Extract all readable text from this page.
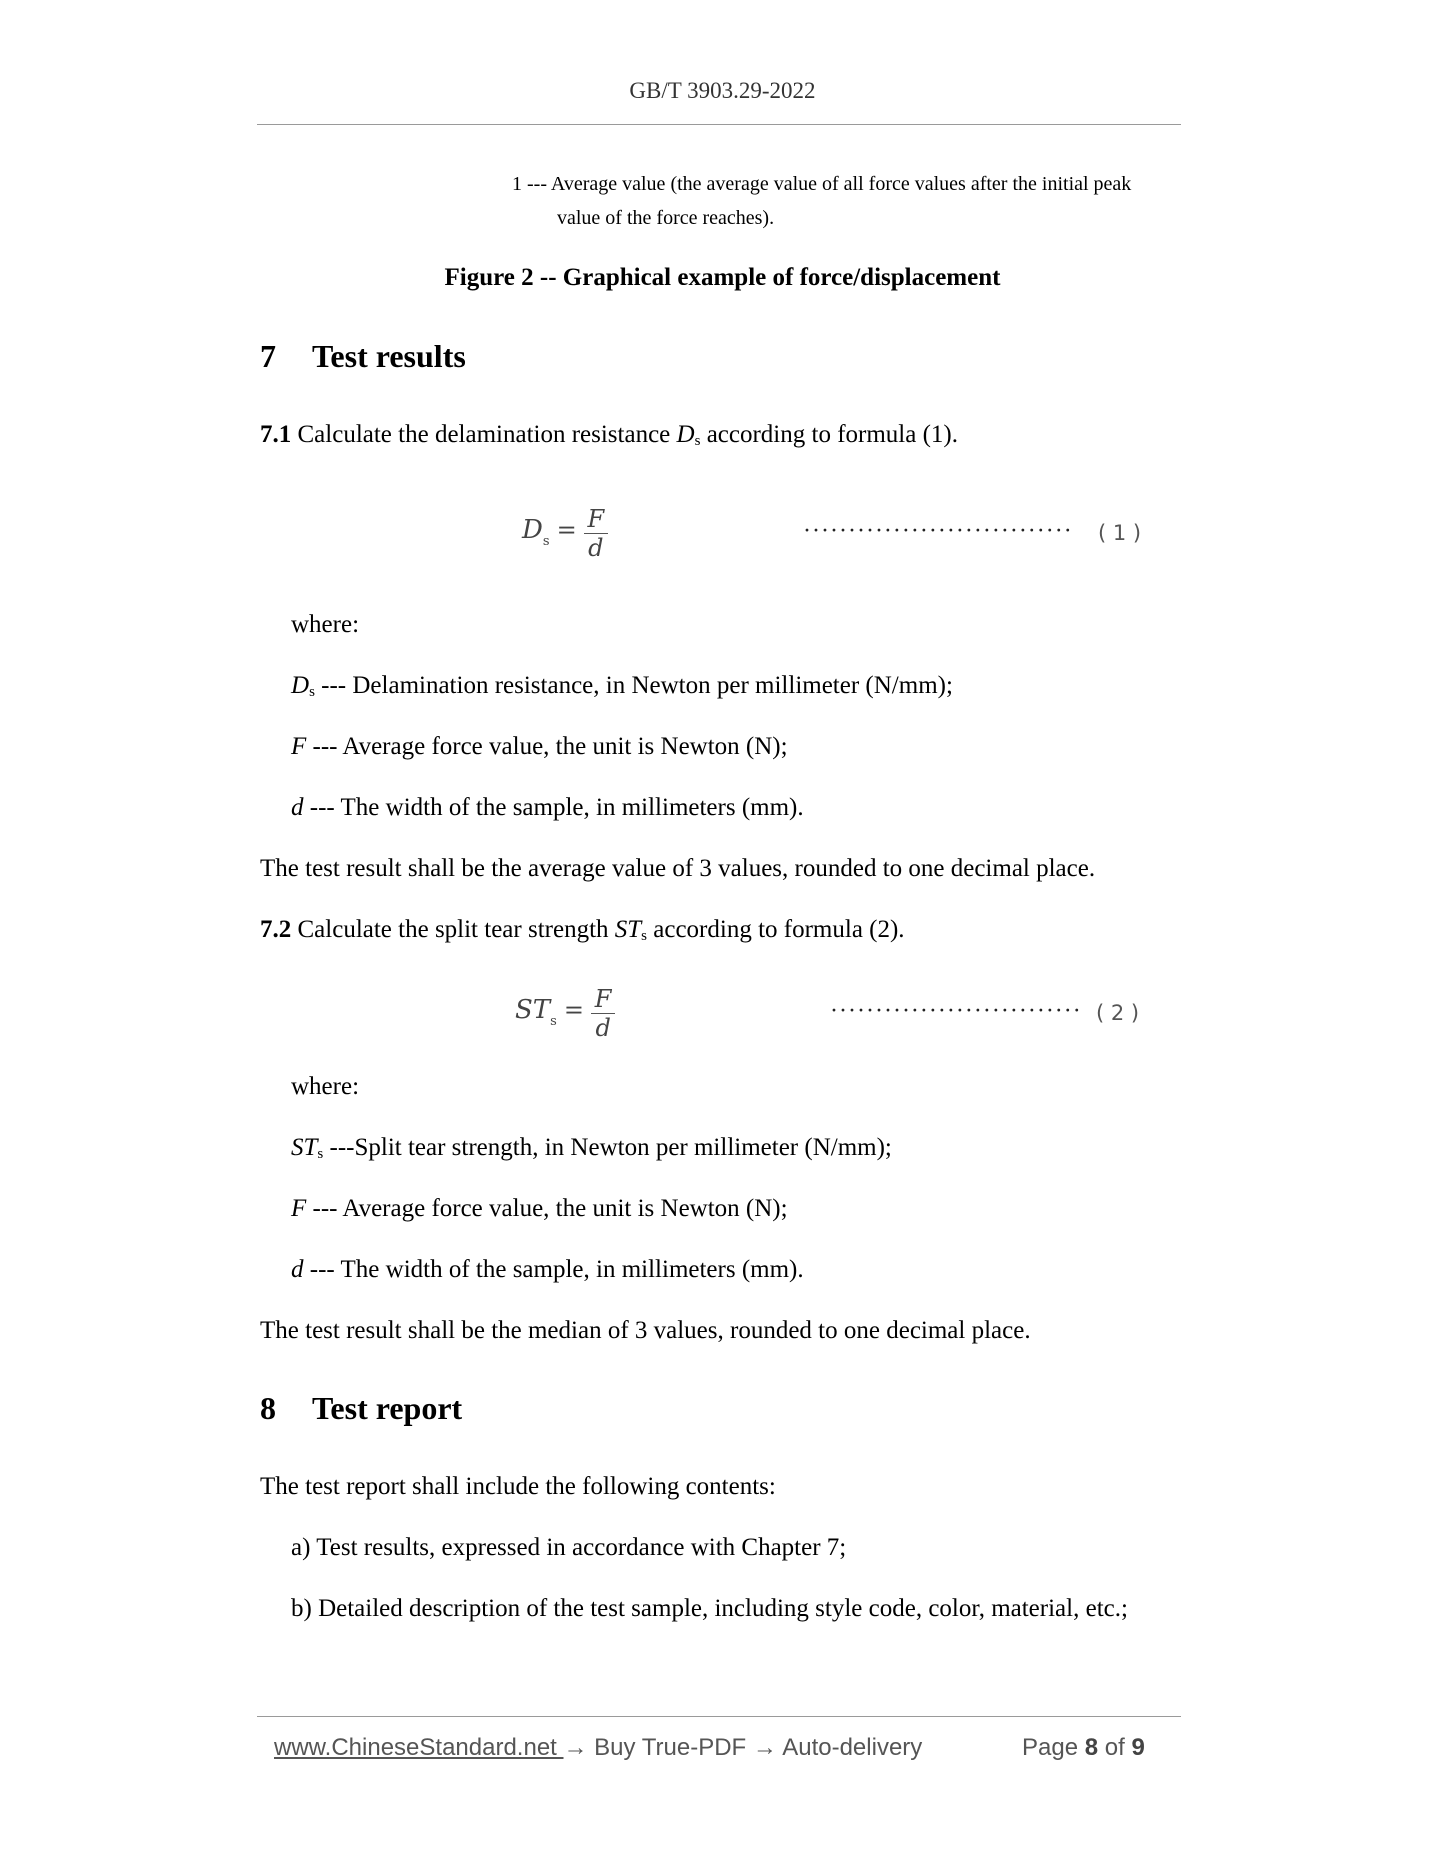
GB/T 3903.29-2022
1 --- Average value (the average value of all force values after the initial peak
value of the force reaches).
Figure 2 -- Graphical example of force/displacement
7 Test results
7.1 Calculate the delamination resistance $D_s$ according to formula (1).
$D_s = \frac{F}{d}$	······························ ( 1 )
where:
$D_s$ --- Delamination resistance, in Newton per millimeter (N/mm);
F --- Average force value, the unit is Newton (N);
d --- The width of the sample, in millimeters (mm).
The test result shall be the average value of 3 values, rounded to one decimal place.
7.2 Calculate the split tear strength $ST_s$ according to formula (2).
$ST_s = \frac{F}{d}$	···························· ( 2 )
where:
$ST_s$ ---Split tear strength, in Newton per millimeter (N/mm);
F --- Average force value, the unit is Newton (N);
d --- The width of the sample, in millimeters (mm).
The test result shall be the median of 3 values, rounded to one decimal place.
8 Test report
The test report shall include the following contents:
a) Test results, expressed in accordance with Chapter 7;
b) Detailed description of the test sample, including style code, color, material, etc.;
www.ChineseStandard.net → Buy True-PDF → Auto-delivery	Page 8 of 9
